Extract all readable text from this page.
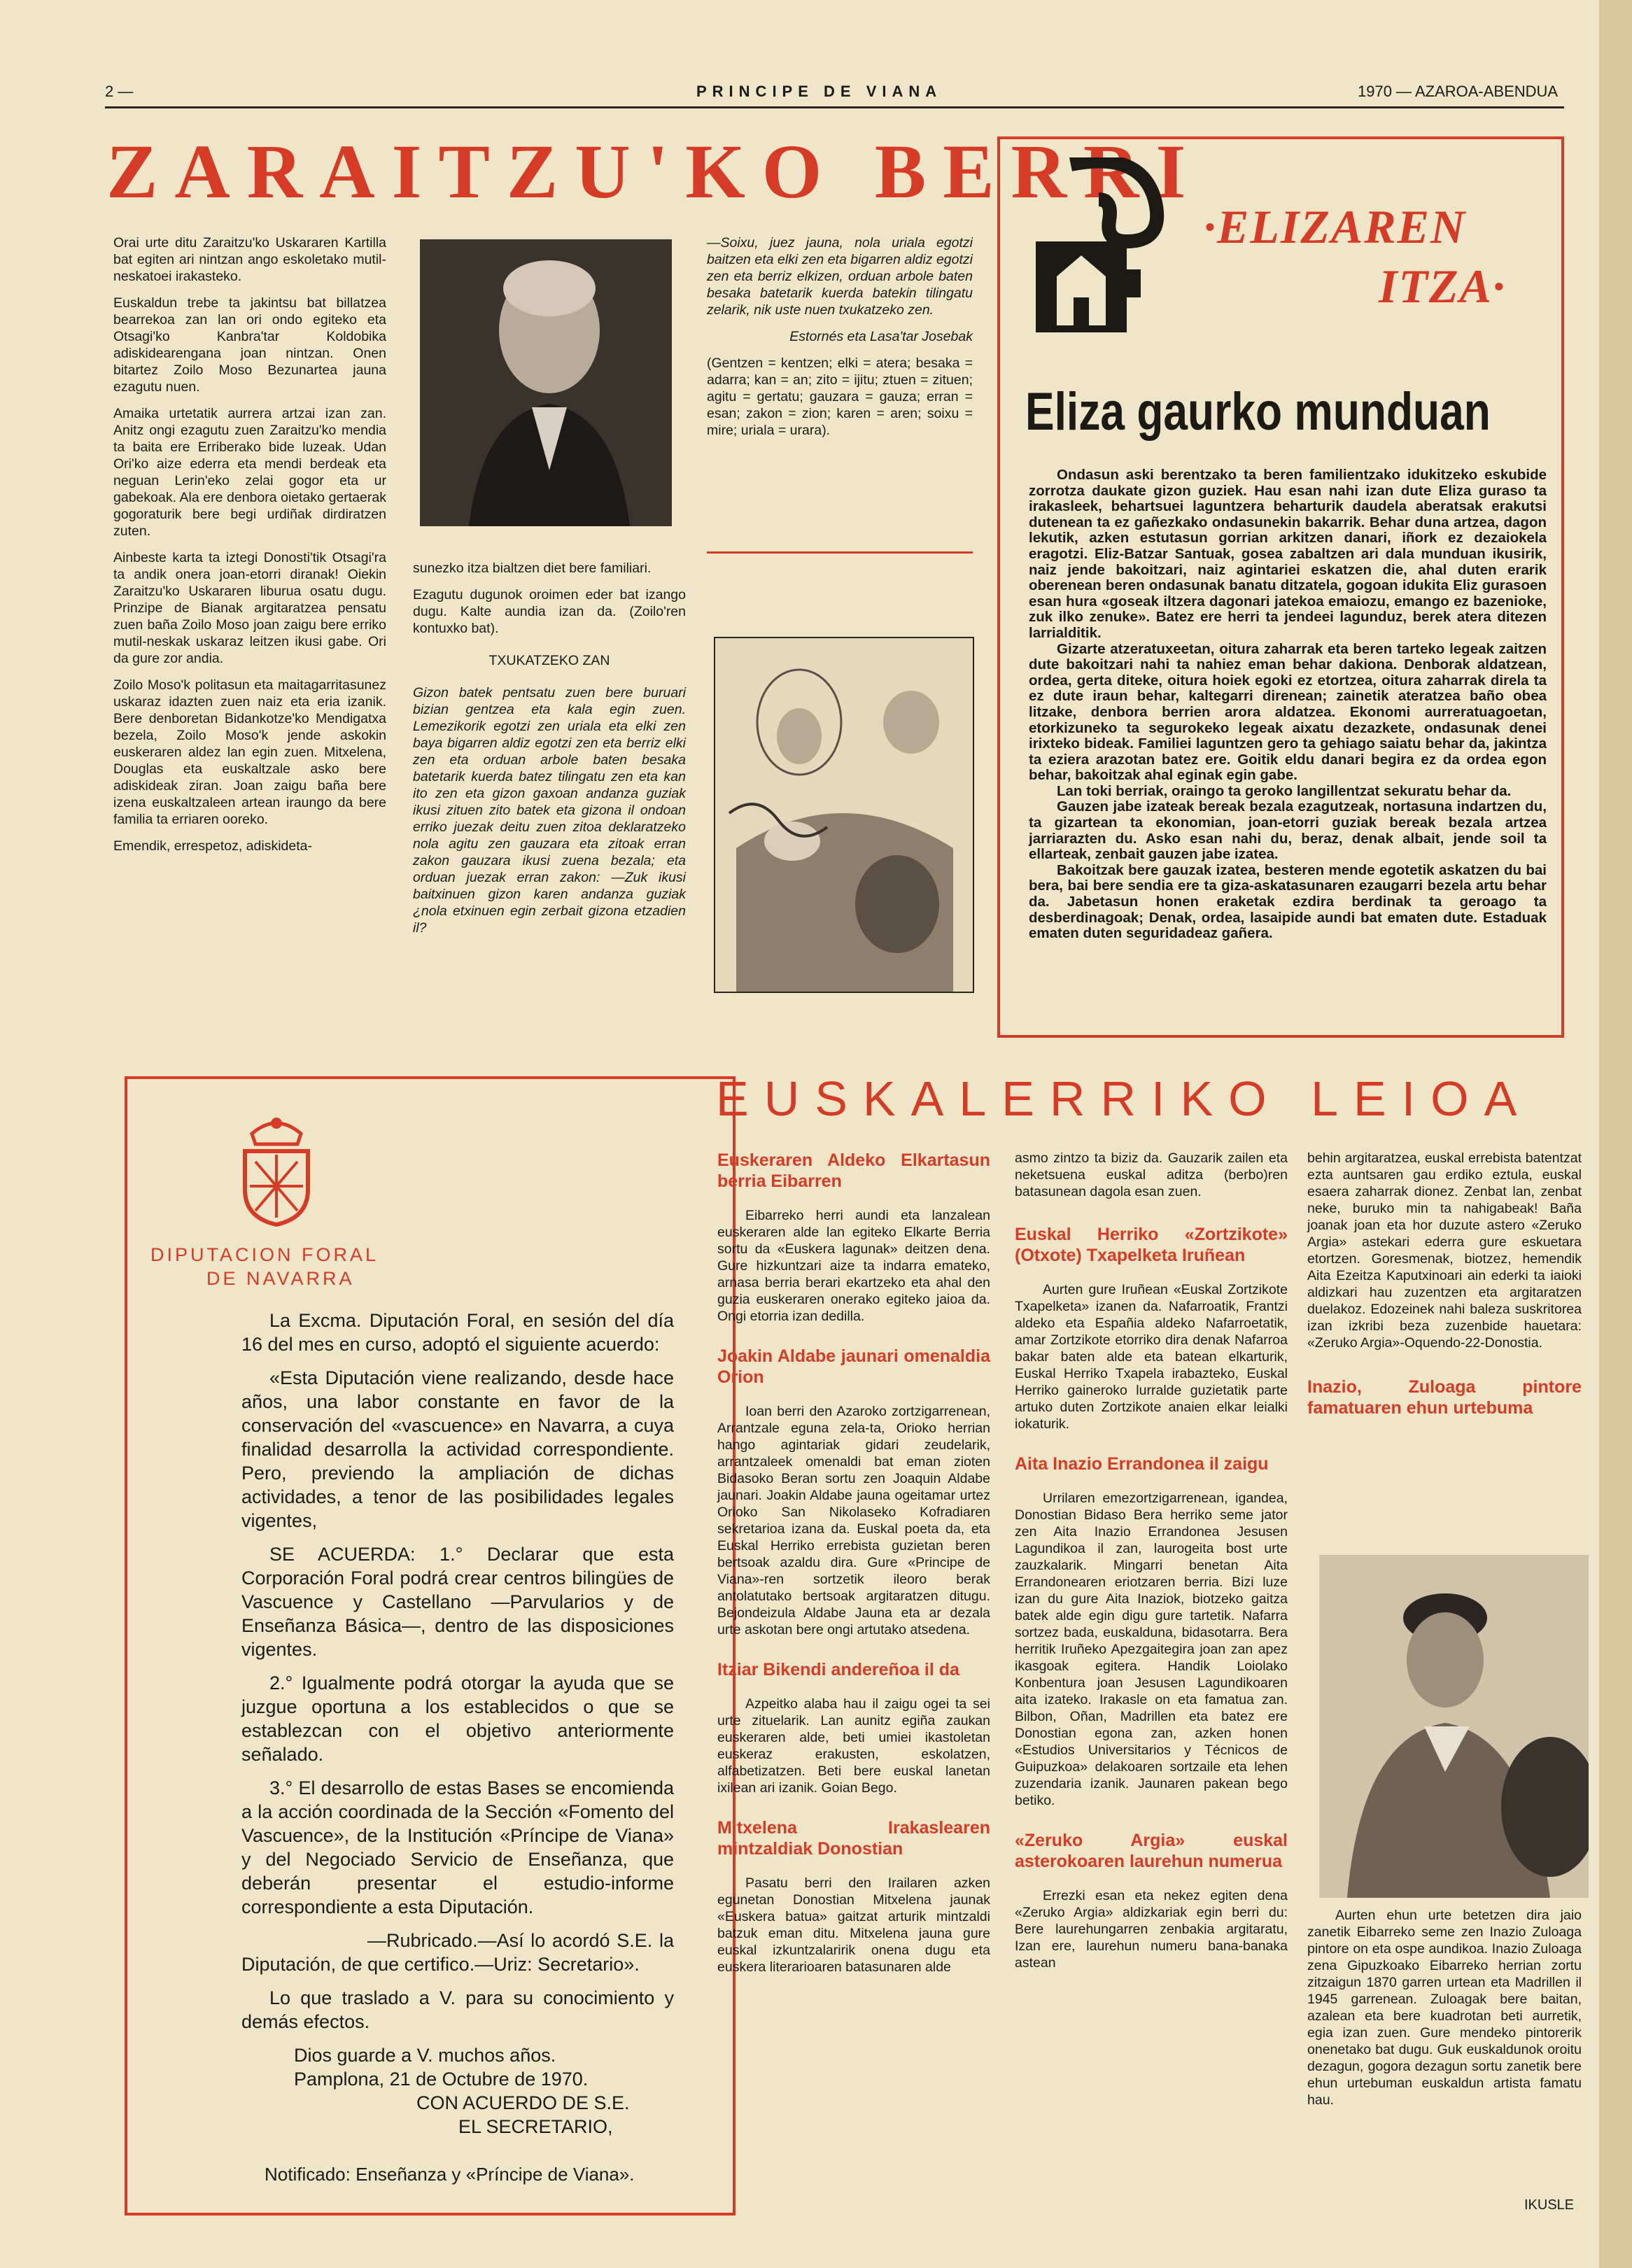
2 —	PRINCIPE DE VIANA	1970 — AZAROA-ABENDUA
ZARAITZU'KO BERRI

Orai urte ditu Zaraitzu'ko Uskararen Kartilla bat egiten ari nintzan ango eskoletako mutil-neskatoei irakasteko.

Euskaldun trebe ta jakintsu bat billatzea bearrekoa zan lan ori ondo egiteko eta Otsagi'ko Kanbra'tar Koldobika adiskidearengana joan nintzan. Onen bitartez Zoilo Moso Bezunartea jauna ezagutu nuen.

Amaika urtetatik aurrera artzai izan zan. Anitz ongi ezagutu zuen Zaraitzu'ko mendia ta baita ere Erriberako bide luzeak. Udan Ori'ko aize ederra eta mendi berdeak eta neguan Lerin'eko zelai gogor eta ur gabekoak. Ala ere denbora oietako gertaerak gogoraturik bere begi urdiñak dirdiratzen zuten.

Ainbeste karta ta iztegi Donosti'tik Otsagi'ra ta andik onera joan-etorri diranak! Oiekin Zaraitzu'ko Uskararen liburua osatu dugu. Prinzipe de Bianak argitaratzea pensatu zuen baña Zoilo Moso joan zaigu bere erriko mutil-neskak uskaraz leitzen ikusi gabe. Ori da gure zor andia.

Zoilo Moso'k politasun eta maitagarritasunez uskaraz idazten zuen naiz eta eria izanik. Bere denboretan Bidankotze'ko Mendigatxa bezela, Zoilo Moso'k jende askokin euskeraren aldez lan egin zuen. Mitxelena, Douglas eta euskaltzale asko bere adiskideak ziran. Joan zaigu baña bere izena euskaltzaleen artean iraungo da bere familia ta erriaren ooreko.

Emendik, errespetoz, adiskideta-

sunezko itza bialtzen diet bere familiari.

Ezagutu dugunok oroimen eder bat izango dugu. Kalte aundia izan da. (Zoilo'ren kontuxko bat).

TXUKATZEKO ZAN

Gizon batek pentsatu zuen bere buruari bizian gentzea eta kala egin zuen. Lemezikorik egotzi zen uriala eta elki zen baya bigarren aldiz egotzi zen eta berriz elki zen eta orduan arbole baten besaka batetarik kuerda batez tilingatu zen eta kan ito zen eta gizon gaxoan andanza guziak ikusi zituen zito batek eta gizona il ondoan erriko juezak deitu zuen zitoa deklaratzeko nola agitu zen gauzara eta zitoak erran zakon gauzara ikusi zuena bezala; eta orduan juezak erran zakon: —Zuk ikusi baitxinuen gizon karen andanza guziak ¿nola etxinuen egin zerbait gizona etzadien il?

—Soixu, juez jauna, nola uriala egotzi baitzen eta elki zen eta bigarren aldiz egotzi zen eta berriz elkizen, orduan arbole baten besaka batetarik kuerda batekin tilingatu zelarik, nik uste nuen txukatzeko zen.

Estornés eta Lasa'tar Josebak

(Gentzen = kentzen; elki = atera; besaka = adarra; kan = an; zito = ijitu; ztuen = zituen; agitu = gertatu; gauzara = gauza; erran = esan; zakon = zion; karen = aren; soixu = mire; uriala = urara).

·ELIZAREN
ITZA·
Eliza gaurko munduan

Ondasun aski berentzako ta beren familientzako idukitzeko eskubide zorrotza daukate gizon guziek. Hau esan nahi izan dute Eliza guraso ta irakasleek, behartsuei laguntzera beharturik daudela aberatsak erakutsi dutenean ta ez gañezkako ondasunekin bakarrik. Behar duna artzea, dagon lekutik, azken estutasun gorrian arkitzen danari, iñork ez dezaiokela eragotzi. Eliz-Batzar Santuak, gosea zabaltzen ari dala munduan ikusirik, naiz jende bakoitzari, naiz agintariei eskatzen die, ahal duten erarik oberenean beren ondasunak banatu ditzatela, gogoan idukita Eliz gurasoen esan hura «goseak iltzera dagonari jatekoa emaiozu, emango ez bazenioke, zuk ilko zenuke». Batez ere herri ta jendeei lagunduz, berek atera ditezen larrialditik.

Gizarte atzeratuxeetan, oitura zaharrak eta beren tarteko legeak zaitzen dute bakoitzari nahi ta nahiez eman behar dakiona. Denborak aldatzean, ordea, gerta diteke, oitura hoiek egoki ez etortzea, oitura zaharrak direla ta ez dute iraun behar, kaltegarri direnean; zainetik ateratzea baño obea litzake, denbora berrien arora aldatzea. Ekonomi aurreratuagoetan, etorkizuneko ta segurokeko legeak aixatu dezazkete, ondasunak denei irixteko bideak. Familiei laguntzen gero ta gehiago saiatu behar da, jakintza ta eziera arazotan batez ere. Goitik eldu danari begira ez da ordea egon behar, bakoitzak ahal eginak egin gabe.

Lan toki berriak, oraingo ta geroko langillentzat sekuratu behar da.

Gauzen jabe izateak bereak bezala ezagutzeak, nortasuna indartzen du, ta gizartean ta ekonomian, joan-etorri guziak bereak bezala artzea jarriarazten du. Asko esan nahi du, beraz, denak albait, jende soil ta ellarteak, zenbait gauzen jabe izatea.

Bakoitzak bere gauzak izatea, besteren mende egotetik askatzen du bai bera, bai bere sendia ere ta giza-askatasunaren ezaugarri bezela artu behar da. Jabetasun honen eraketak ezdira berdinak ta geroago ta desberdinagoak; Denak, ordea, lasaipide aundi bat ematen dute. Estaduak ematen duten seguridadeaz gañera.

DIPUTACION FORAL
DE NAVARRA

La Excma. Diputación Foral, en sesión del día 16 del mes en curso, adoptó el siguiente acuerdo:

«Esta Diputación viene realizando, desde hace años, una labor constante en favor de la conservación del «vascuence» en Navarra, a cuya finalidad desarrolla la actividad correspondiente. Pero, previendo la ampliación de dichas actividades, a tenor de las posibilidades legales vigentes,

SE ACUERDA: 1.° Declarar que esta Corporación Foral podrá crear centros bilingües de Vascuence y Castellano —Parvularios y de Enseñanza Básica—, dentro de las disposiciones vigentes.

2.° Igualmente podrá otorgar la ayuda que se juzgue oportuna a los establecidos o que se establezcan con el objetivo anteriormente señalado.

3.° El desarrollo de estas Bases se encomienda a la acción coordinada de la Sección «Fomento del Vascuence», de la Institución «Príncipe de Viana» y del Negociado Servicio de Enseñanza, que deberán presentar el estudio-informe correspondiente a esta Diputación.

—Rubricado.—Así lo acordó S.E. la Diputación, de que certifico.—Uriz: Secretario».

Lo que traslado a V. para su conocimiento y demás efectos.

Dios guarde a V. muchos años.

Pamplona, 21 de Octubre de 1970.

CON ACUERDO DE S.E.

EL SECRETARIO,

Notificado: Enseñanza y «Príncipe de Viana».
EUSKALERRIKO LEIOA
Euskeraren Aldeko Elkartasun berria Eibarren

Eibarreko herri aundi eta lanzalean euskeraren alde lan egiteko Elkarte Berria sortu da «Euskera lagunak» deitzen dena. Gure hizkuntzari aize ta indarra emateko, arnasa berria berari ekartzeko eta ahal den guzia euskeraren onerako egiteko jaioa da. Ongi etorria izan dedilla.

Joakin Aldabe jaunari omenaldia Orion

Ioan berri den Azaroko zortzigarrenean, Arrantzale eguna zela-ta, Orioko herrian hango agintariak gidari zeudelarik, arrantzaleek omenaldi bat eman zioten Bidasoko Beran sortu zen Joaquin Aldabe jaunari. Joakin Aldabe jauna ogeitamar urtez Orioko San Nikolaseko Kofradiaren sekretarioa izana da. Euskal poeta da, eta Euskal Herriko errebista guzietan beren bertsoak azaldu dira. Gure «Principe de Viana»-ren sortzetik ileoro berak antolatutako bertsoak argitaratzen ditugu. Bejondeizula Aldabe Jauna eta ar dezala urte askotan bere ongi artutako atsedena.

Itziar Bikendi andereñoa il da

Azpeitko alaba hau il zaigu ogei ta sei urte zituelarik. Lan aunitz egiña zaukan euskeraren alde, beti umiei ikastoletan euskeraz erakusten, eskolatzen, alfabetizatzen. Beti bere euskal lanetan ixilean ari izanik. Goian Bego.

Mitxelena Irakaslearen mintzaldiak Donostian

Pasatu berri den Irailaren azken egunetan Donostian Mitxelena jaunak «Euskera batua» gaitzat arturik mintzaldi batzuk eman ditu. Mitxelena jauna gure euskal izkuntzalaririk onena dugu eta euskera literarioaren batasunaren alde

asmo zintzo ta biziz da. Gauzarik zailen eta neketsuena euskal aditza (berbo)ren batasunean dagola esan zuen.

Euskal Herriko «Zortzikote» (Otxote) Txapelketa Iruñean

Aurten gure Iruñean «Euskal Zortzikote Txapelketa» izanen da. Nafarroatik, Frantzi aldeko eta Españia aldeko Nafarroetatik, amar Zortzikote etorriko dira denak Nafarroa bakar baten alde eta batean elkarturik, Euskal Herriko Txapela irabazteko, Euskal Herriko gaineroko lurralde guzietatik parte artuko duten Zortzikote anaien elkar leialki iokaturik.

Aita Inazio Errandonea il zaigu

Urrilaren emezortzigarrenean, igandea, Donostian Bidaso Bera herriko seme jator zen Aita Inazio Errandonea Jesusen Lagundikoa il zan, laurogeita bost urte zauzkalarik. Mingarri benetan Aita Errandonearen eriotzaren berria. Bizi luze izan du gure Aita Inaziok, biotzeko gaitza batek alde egin digu gure tartetik. Nafarra sortzez bada, euskalduna, bidasotarra. Bera herritik Iruñeko Apezgaitegira joan zan apez ikasgoak egitera. Handik Loiolako Konbentura joan Jesusen Lagundikoaren aita izateko. Irakasle on eta famatua zan. Bilbon, Oñan, Madrillen eta batez ere Donostian egona zan, azken honen «Estudios Universitarios y Técnicos de Guipuzkoa» delakoaren sortzaile eta lehen zuzendaria izanik. Jaunaren pakean bego betiko.

«Zeruko Argia» euskal asterokoaren laurehun numerua

Errezki esan eta nekez egiten dena «Zeruko Argia» aldizkariak egin berri du: Bere laurehungarren zenbakia argitaratu, Izan ere, laurehun numeru bana-banaka astean

behin argitaratzea, euskal errebista batentzat ezta auntsaren gau erdiko eztula, euskal esaera zaharrak dionez. Zenbat lan, zenbat neke, buruko min ta nahigabeak! Baña joanak joan eta hor duzute astero «Zeruko Argia» astekari ederra gure eskuetara etortzen. Goresmenak, biotzez, hemendik Aita Ezeitza Kaputxinoari ain ederki ta iaioki aldizkari hau zuzentzen eta argitaratzen duelakoz. Edozeinek nahi baleza suskritorea izan izkribi beza zuzenbide hauetara: «Zeruko Argia»-Oquendo-22-Donostia.

Inazio, Zuloaga pintore famatuaren ehun urtebuma

Aurten ehun urte betetzen dira jaio zanetik Eibarreko seme zen Inazio Zuloaga pintore on eta ospe aundikoa. Inazio Zuloaga zena Gipuzkoako Eibarreko herrian zortu zitzaigun 1870 garren urtean eta Madrillen il 1945 garrenean. Zuloagak bere baitan, azalean eta bere kuadrotan beti aurretik, egia izan zuen. Gure mendeko pintorerik onenetako bat dugu. Guk euskaldunok oroitu dezagun, gogora dezagun sortu zanetik bere ehun urtebuman euskaldun artista famatu hau.

IKUSLE
